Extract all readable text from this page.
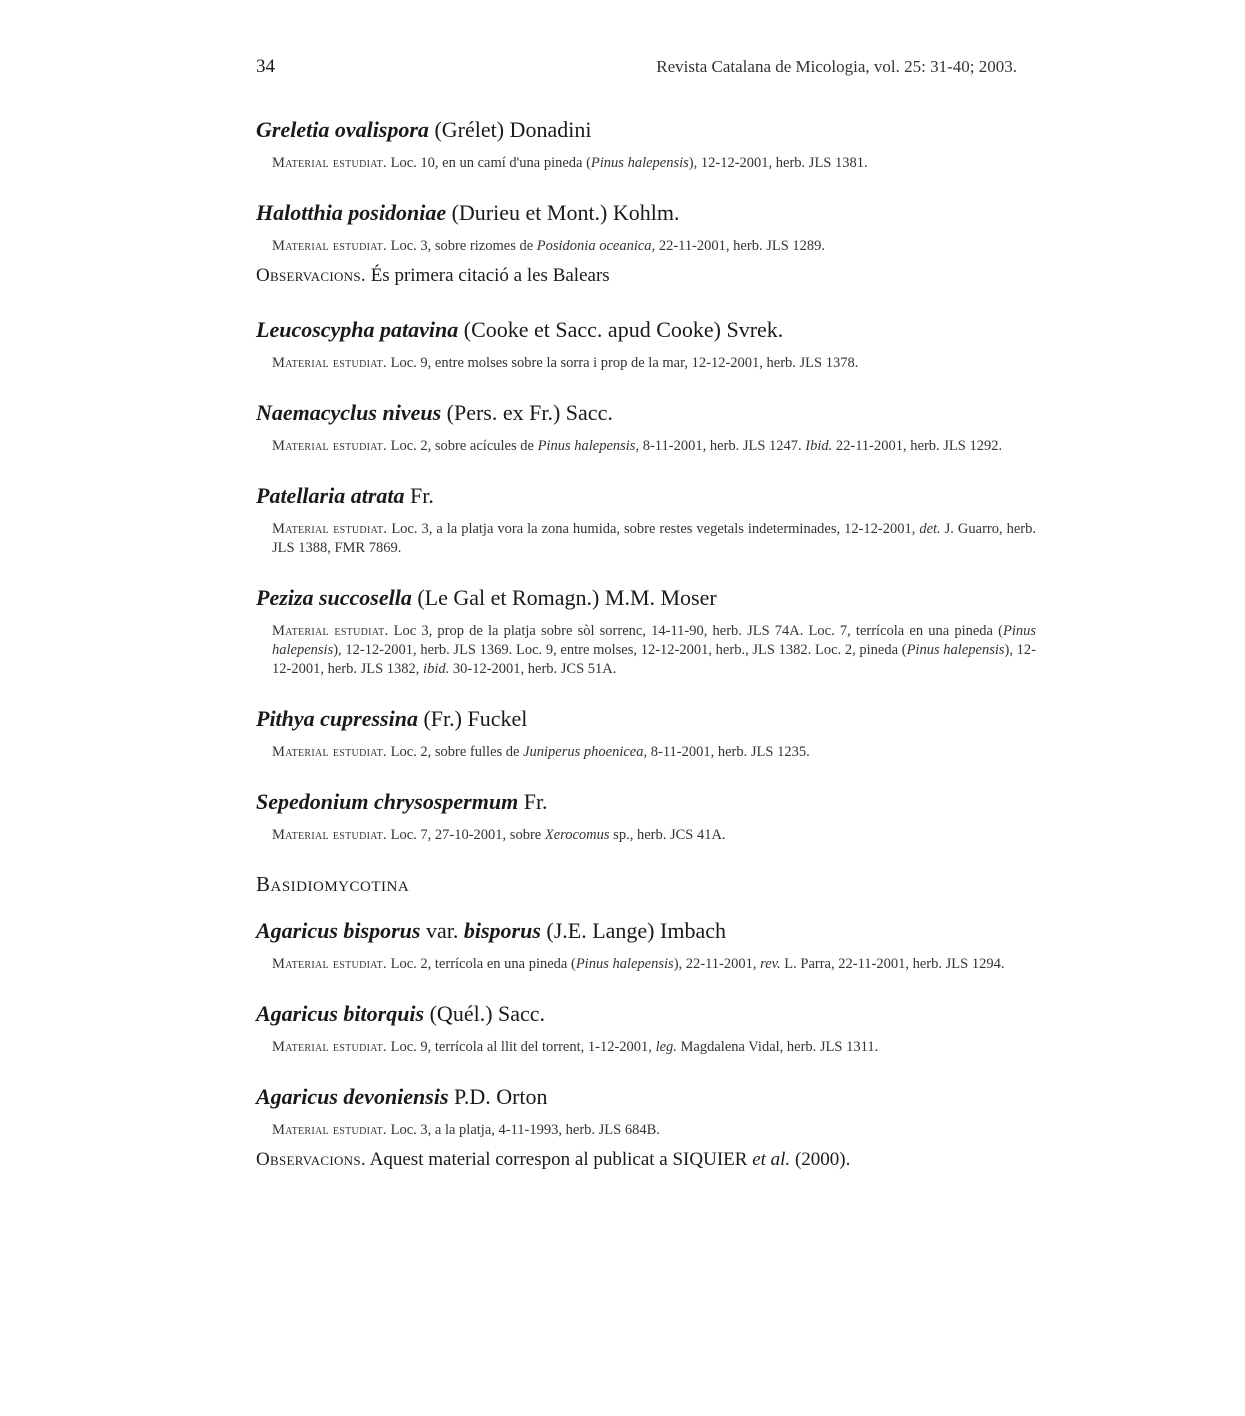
34	Revista Catalana de Micologia, vol. 25: 31-40; 2003.

Greletia ovalispora (Grélet) Donadini

Material estudiat. Loc. 10, en un camí d'una pineda (Pinus halepensis), 12-12-2001, herb. JLS 1381.

Halotthia posidoniae (Durieu et Mont.) Kohlm.

Material estudiat. Loc. 3, sobre rizomes de Posidonia oceanica, 22-11-2001, herb. JLS 1289.

Observacions. És primera citació a les Balears

Leucoscypha patavina (Cooke et Sacc. apud Cooke) Svrek.

Material estudiat. Loc. 9, entre molses sobre la sorra i prop de la mar, 12-12-2001, herb. JLS 1378.

Naemacyclus niveus (Pers. ex Fr.) Sacc.

Material estudiat. Loc. 2, sobre acícules de Pinus halepensis, 8-11-2001, herb. JLS 1247. Ibid. 22-11-2001, herb. JLS 1292.

Patellaria atrata Fr.

Material estudiat. Loc. 3, a la platja vora la zona humida, sobre restes vegetals indeterminades, 12-12-2001, det. J. Guarro, herb. JLS 1388, FMR 7869.

Peziza succosella (Le Gal et Romagn.) M.M. Moser

Material estudiat. Loc 3, prop de la platja sobre sòl sorrenc, 14-11-90, herb. JLS 74A. Loc. 7, terrícola en una pineda (Pinus halepensis), 12-12-2001, herb. JLS 1369. Loc. 9, entre molses, 12-12-2001, herb., JLS 1382. Loc. 2, pineda (Pinus halepensis), 12-12-2001, herb. JLS 1382, ibid. 30-12-2001, herb. JCS 51A.

Pithya cupressina (Fr.) Fuckel

Material estudiat. Loc. 2, sobre fulles de Juniperus phoenicea, 8-11-2001, herb. JLS 1235.

Sepedonium chrysospermum Fr.

Material estudiat. Loc. 7, 27-10-2001, sobre Xerocomus sp., herb. JCS 41A.

Basidiomycotina

Agaricus bisporus var. bisporus (J.E. Lange) Imbach

Material estudiat. Loc. 2, terrícola en una pineda (Pinus halepensis), 22-11-2001, rev. L. Parra, 22-11-2001, herb. JLS 1294.

Agaricus bitorquis (Quél.) Sacc.

Material estudiat. Loc. 9, terrícola al llit del torrent, 1-12-2001, leg. Magdalena Vidal, herb. JLS 1311.

Agaricus devoniensis P.D. Orton

Material estudiat. Loc. 3, a la platja, 4-11-1993, herb. JLS 684B.

Observacions. Aquest material correspon al publicat a SIQUIER et al. (2000).
